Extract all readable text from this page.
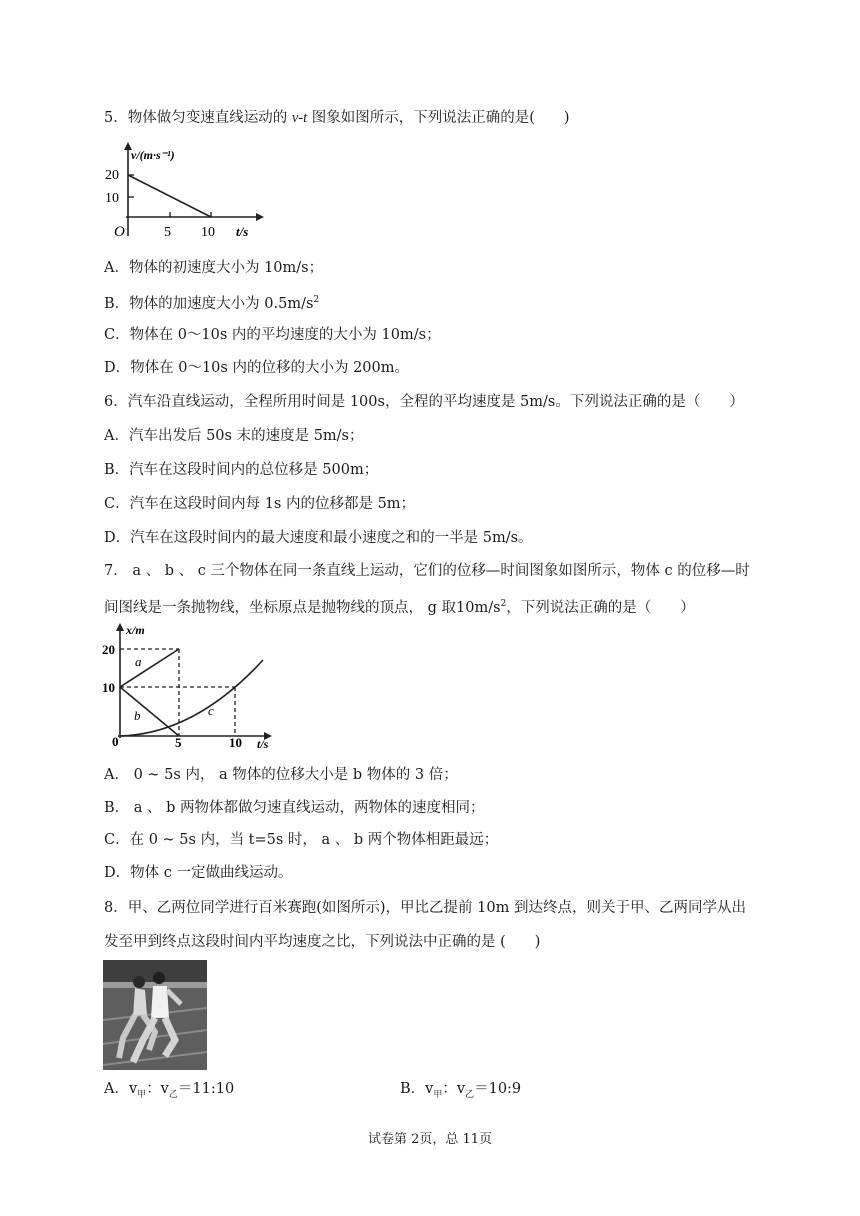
5．物体做匀变速直线运动的 v-t 图象如图所示，下列说法正确的是(　　)
v/(m·s⁻¹)
20
10
O	5 10 t/s
A．物体的初速度大小为 10m/s；
B．物体的加速度大小为 $0.5m/s^2$
C．物体在 0～10s 内的平均速度的大小为 10m/s；
D．物体在 0～10s 内的位移的大小为 200m。
6．汽车沿直线运动，全程所用时间是 100s，全程的平均速度是 5m/s。下列说法正确的是（　　）
A．汽车出发后 50s 末的速度是 5m/s；
B．汽车在这段时间内的总位移是 500m；
C．汽车在这段时间内每 1s 内的位移都是 5m；
D．汽车在这段时间内的最大速度和最小速度之和的一半是 5m/s。
7． a 、 b 、 c 三个物体在同一条直线上运动，它们的位移—时间图象如图所示，物体 c 的位移—时
间图线是一条抛物线，坐标原点是抛物线的顶点， g 取$10m/s^2$，下列说法正确的是（　　）
x/m
20
10
0	5	10 t/s
a
b	c
A． 0 ~ 5s 内， a 物体的位移大小是 b 物体的 3 倍；
B． a 、 b 两物体都做匀速直线运动，两物体的速度相同；
C．在 0 ~ 5s 内，当 t=5s 时， a 、 b 两个物体相距最远；
D．物体 c 一定做曲线运动。
8．甲、乙两位同学进行百米赛跑(如图所示)，甲比乙提前 10m 到达终点，则关于甲、乙两同学从出
发至甲到终点这段时间内平均速度之比，下列说法中正确的是 (　　)
A．$v_甲$：$v_乙=11:10$	B．$v_甲$：$v_乙=10:9$
试卷第 2页，总 11页
